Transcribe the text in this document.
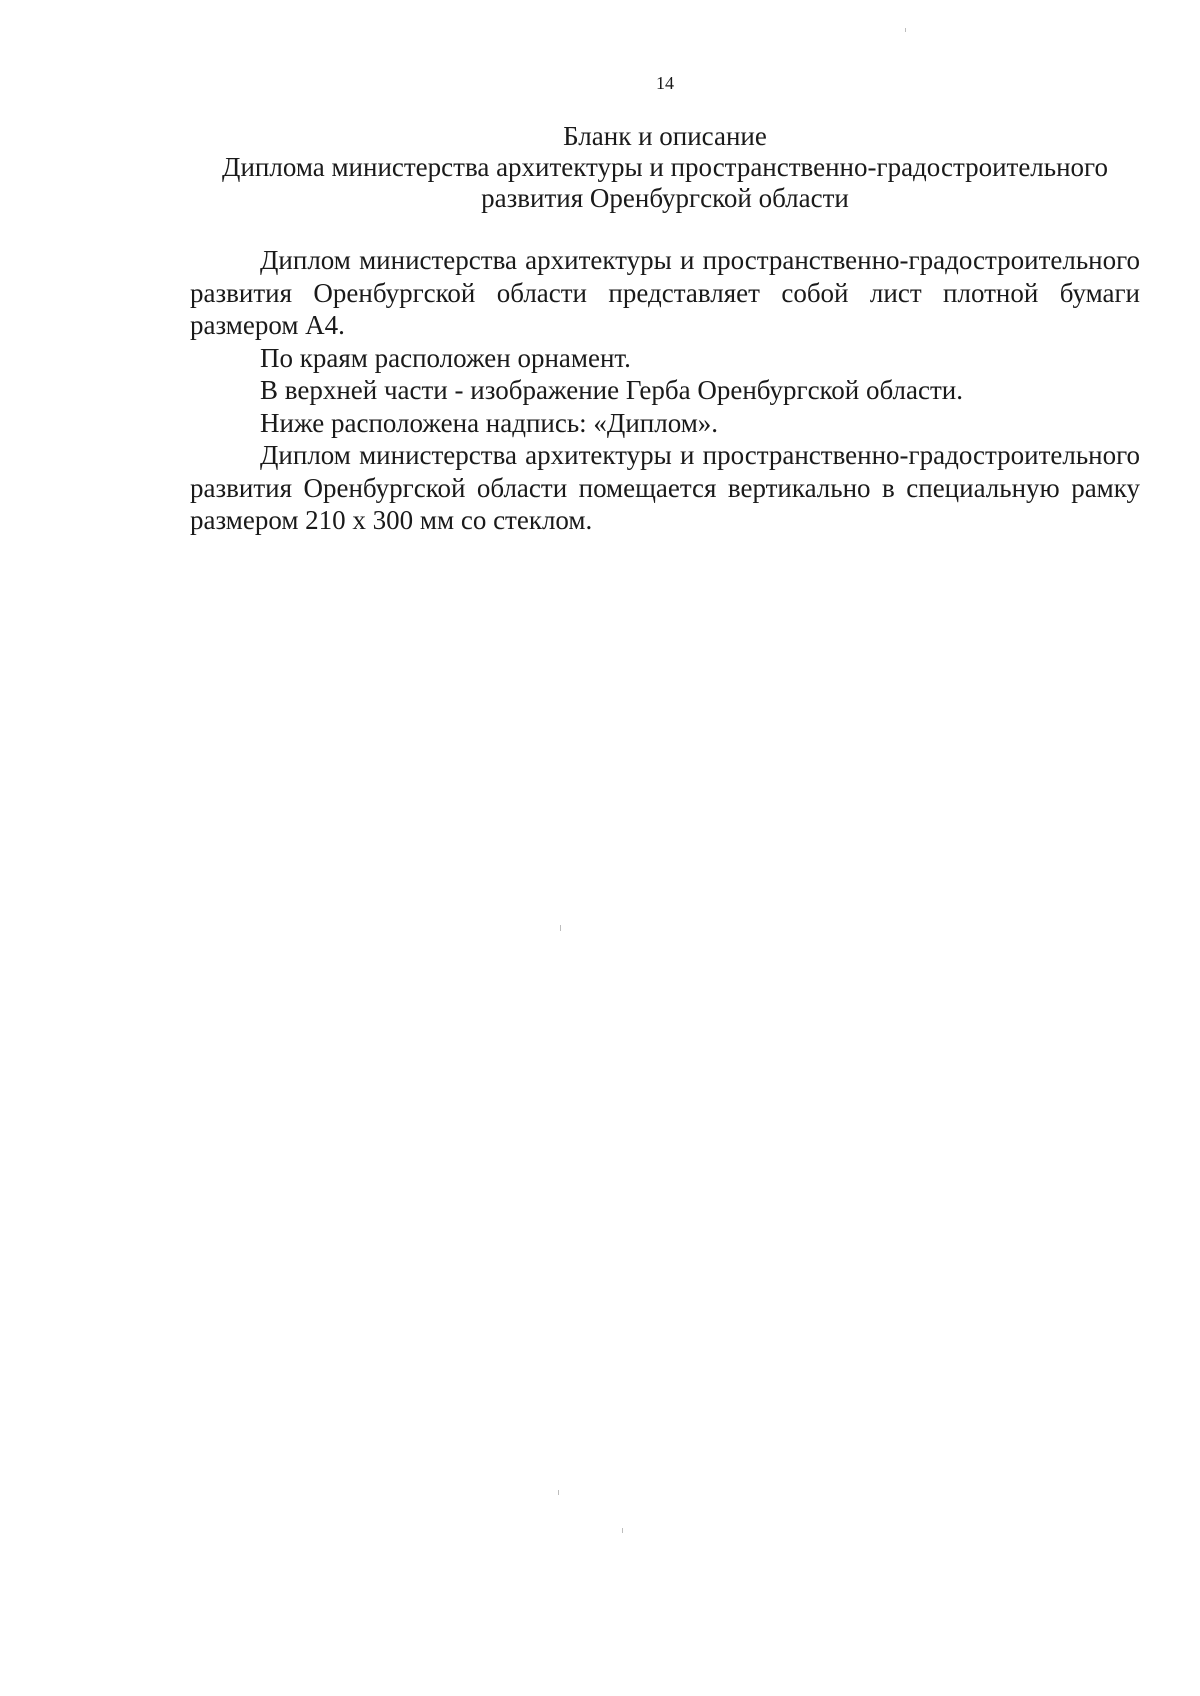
14
Бланк и описание
Диплома министерства архитектуры и пространственно-градостроительного
развития Оренбургской области

Диплом министерства архитектуры и пространственно-градостроительного развития Оренбургской области представляет собой лист плотной бумаги размером А4.

По краям расположен орнамент.

В верхней части - изображение Герба Оренбургской области.

Ниже расположена надпись: «Диплом».

Диплом министерства архитектуры и пространственно-градостроительного развития Оренбургской области помещается вертикально в специальную рамку размером 210 х 300 мм со стеклом.
